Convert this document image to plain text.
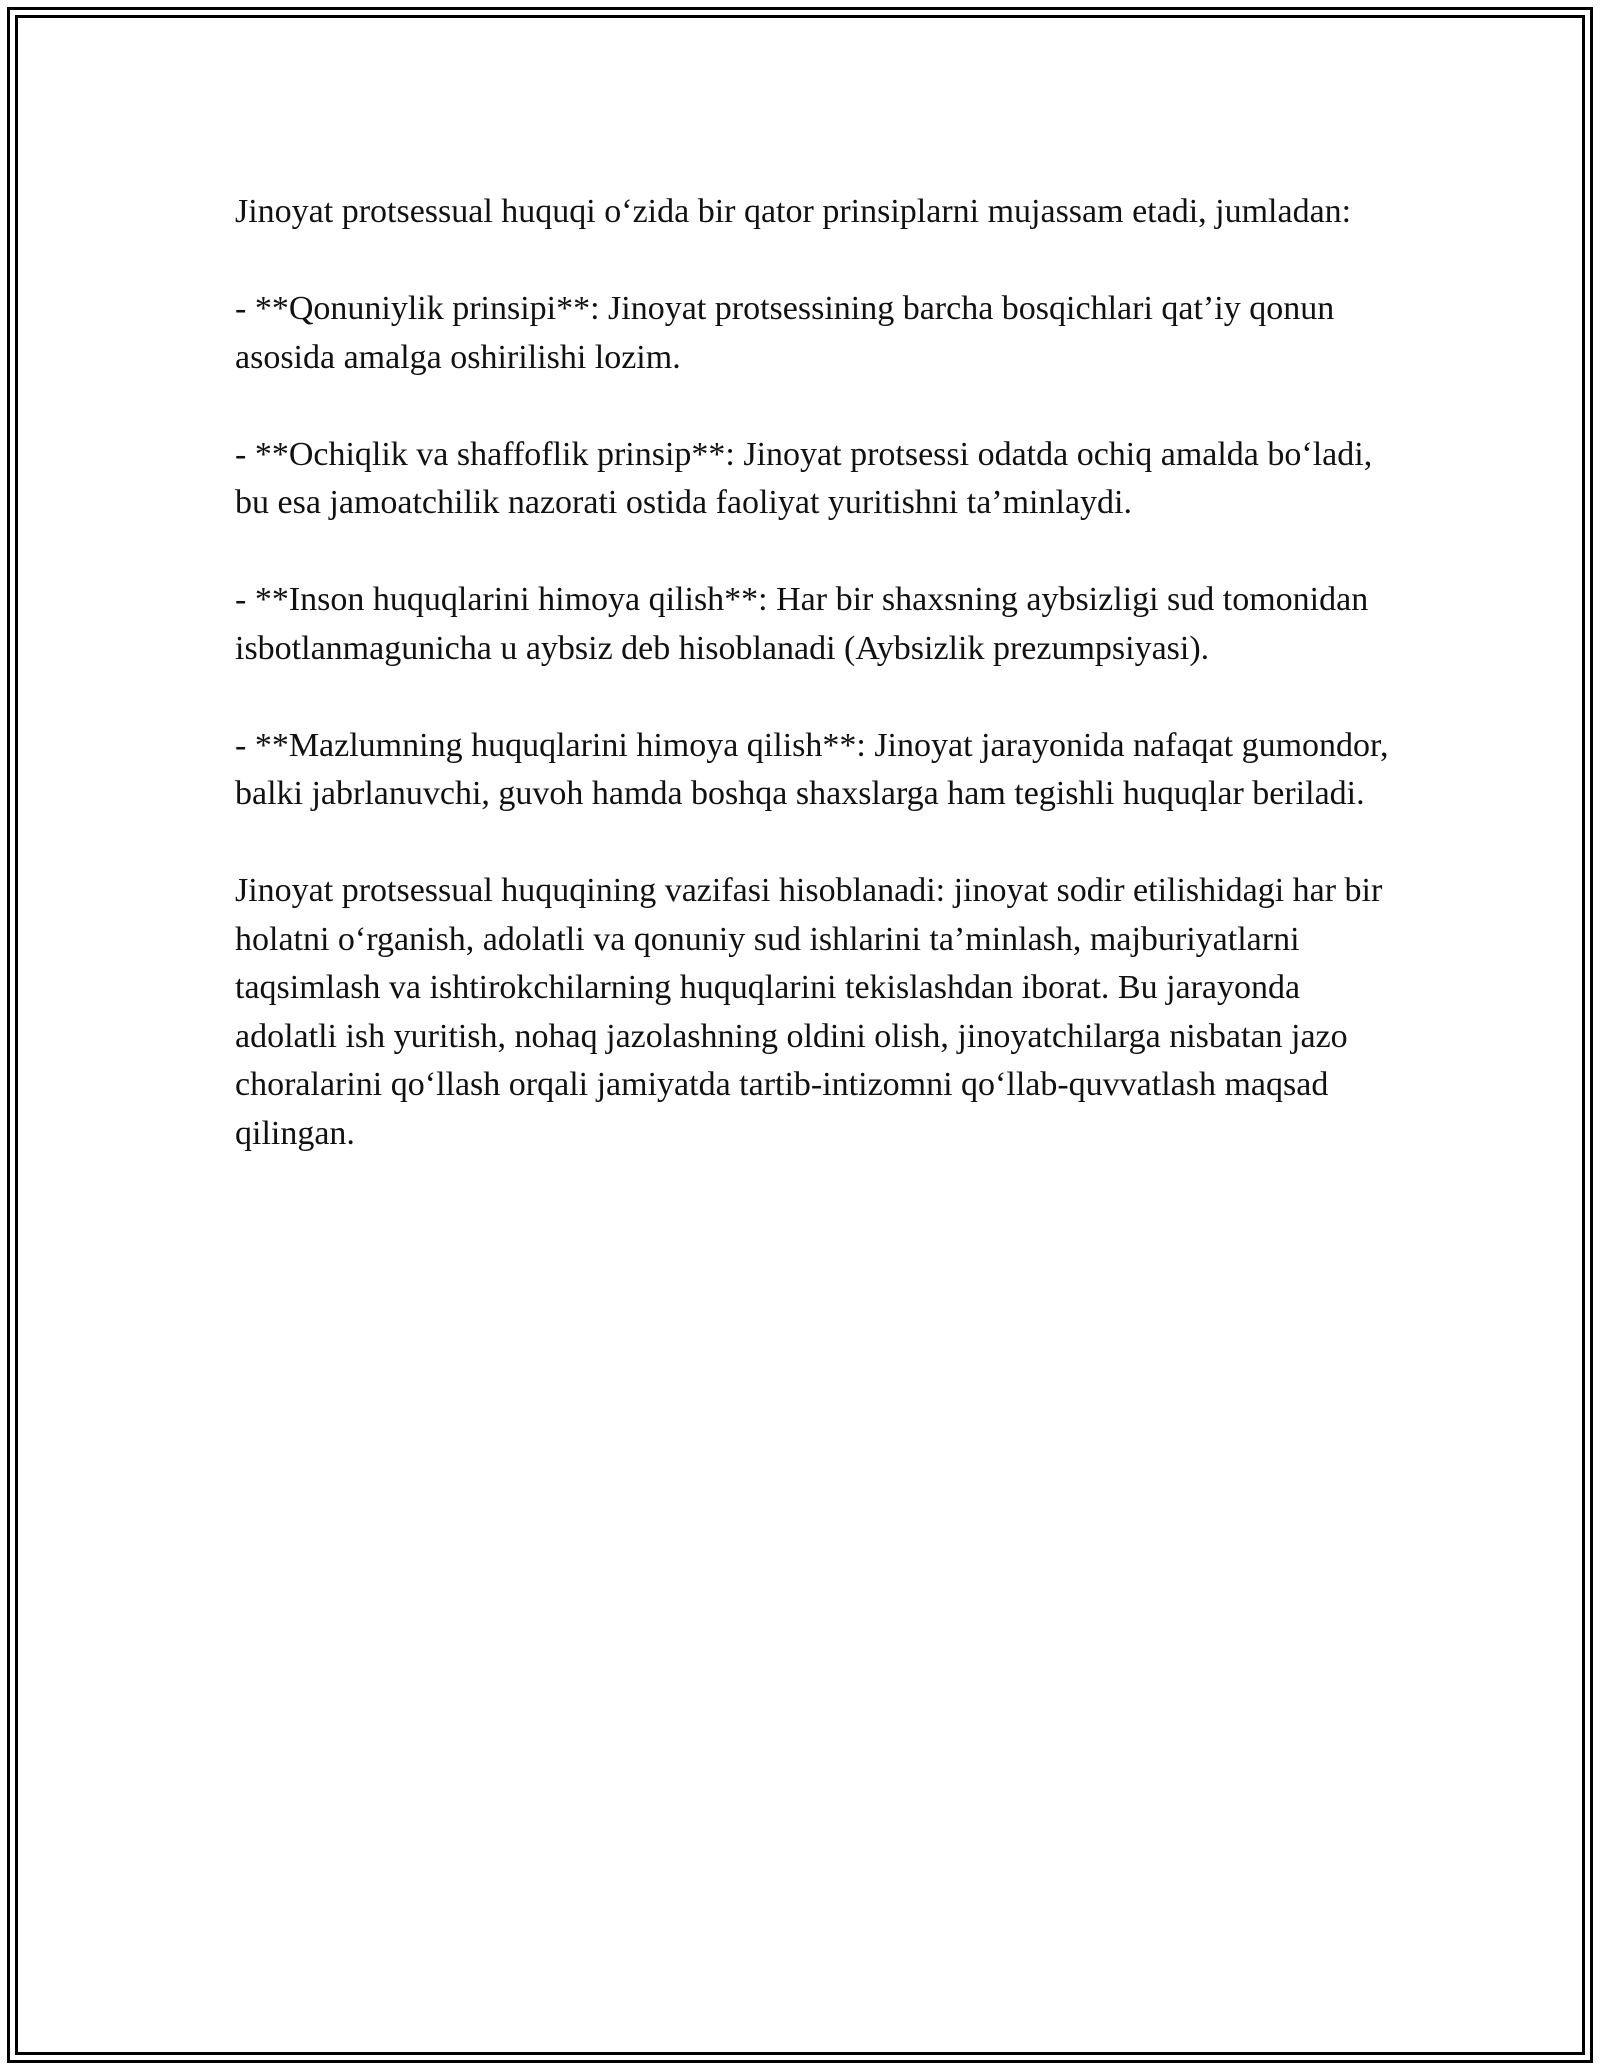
Jinoyat protsessual huquqi o‘zida bir qator prinsiplarni mujassam etadi, jumladan:

- **Qonuniylik prinsipi**: Jinoyat protsessining barcha bosqichlari qat’iy qonun asosida amalga oshirilishi lozim.

- **Ochiqlik va shaffoflik prinsip**: Jinoyat protsessi odatda ochiq amalda bo‘ladi, bu esa jamoatchilik nazorati ostida faoliyat yuritishni ta’minlaydi.

- **Inson huquqlarini himoya qilish**: Har bir shaxsning aybsizligi sud tomonidan isbotlanmagunicha u aybsiz deb hisoblanadi (Aybsizlik prezumpsiyasi).

- **Mazlumning huquqlarini himoya qilish**: Jinoyat jarayonida nafaqat gumondor, balki jabrlanuvchi, guvoh hamda boshqa shaxslarga ham tegishli huquqlar beriladi.

Jinoyat protsessual huquqining vazifasi hisoblanadi: jinoyat sodir etilishidagi har bir holatni o‘rganish, adolatli va qonuniy sud ishlarini ta’minlash, majburiyatlarni taqsimlash va ishtirokchilarning huquqlarini tekislashdan iborat. Bu jarayonda adolatli ish yuritish, nohaq jazolashning oldini olish, jinoyatchilarga nisbatan jazo choralarini qo‘llash orqali jamiyatda tartib-intizomni qo‘llab-quvvatlash maqsad qilingan.
